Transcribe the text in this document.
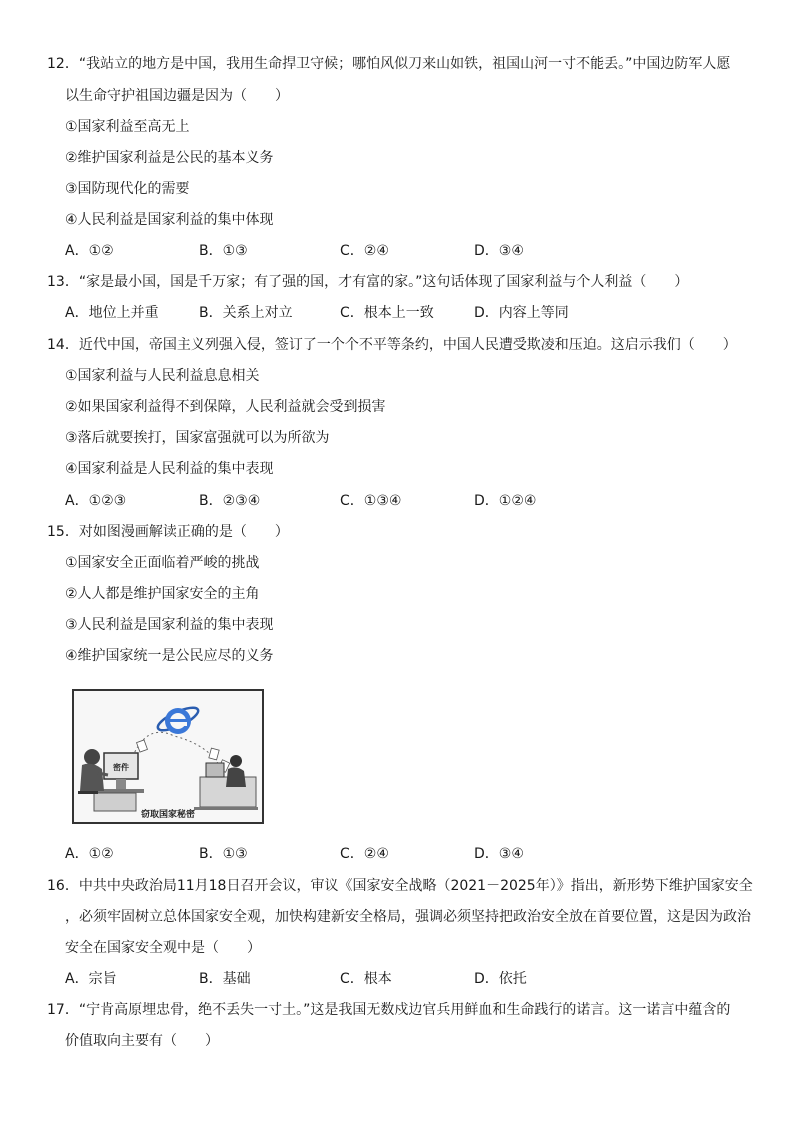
12．“我站立的地方是中国，我用生命捍卫守候；哪怕风似刀来山如铁，祖国山河一寸不能丢。”中国边防军人愿
以生命守护祖国边疆是因为（　　）
①国家利益至高无上
②维护国家利益是公民的基本义务
③国防现代化的需要
④人民利益是国家利益的集中体现
A．①②	B．①③	C．②④	D．③④
13．“家是最小国，国是千万家；有了强的国，才有富的家。”这句话体现了国家利益与个人利益（　　）
A．地位上并重	B．关系上对立	C．根本上一致	D．内容上等同
14．近代中国，帝国主义列强入侵，签订了一个个不平等条约，中国人民遭受欺凌和压迫。这启示我们（　　）
①国家利益与人民利益息息相关
②如果国家利益得不到保障，人民利益就会受到损害
③落后就要挨打，国家富强就可以为所欲为
④国家利益是人民利益的集中表现
A．①②③	B．②③④	C．①③④	D．①②④
15．对如图漫画解读正确的是（　　）
①国家安全正面临着严峻的挑战
②人人都是维护国家安全的主角
③人民利益是国家利益的集中表现
④维护国家统一是公民应尽的义务
密件
窃取国家秘密
A．①②	B．①③	C．②④	D．③④
16．中共中央政治局11月18日召开会议，审议《国家安全战略（2021－2025年）》指出，新形势下维护国家安全
，必须牢固树立总体国家安全观，加快构建新安全格局，强调必须坚持把政治安全放在首要位置，这是因为政治
安全在国家安全观中是（　　）
A．宗旨	B．基础	C．根本	D．依托
17．“宁肯高原埋忠骨，绝不丢失一寸土。”这是我国无数戍边官兵用鲜血和生命践行的诺言。这一诺言中蕴含的
价值取向主要有（　　）
